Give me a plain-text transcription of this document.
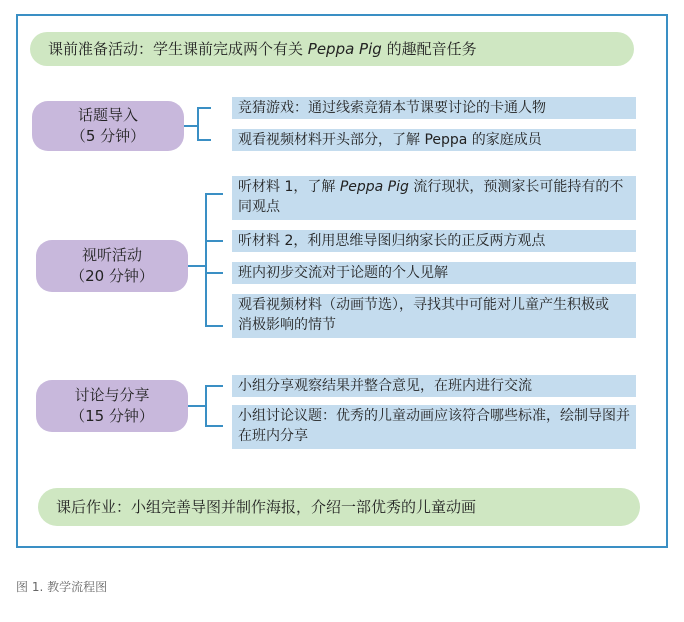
课前准备活动：学生课前完成两个有关 Peppa Pig 的趣配音任务
话题导入
（5 分钟）
竞猜游戏：通过线索竞猜本节课要讨论的卡通人物
观看视频材料开头部分，了解 Peppa 的家庭成员
视听活动
（20 分钟）
听材料 1，了解 Peppa Pig 流行现状，预测家长可能持有的不同观点
听材料 2，利用思维导图归纳家长的正反两方观点
班内初步交流对于论题的个人见解
观看视频材料（动画节选），寻找其中可能对儿童产生积极或消极影响的情节
讨论与分享
（15 分钟）
小组分享观察结果并整合意见，在班内进行交流
小组讨论议题：优秀的儿童动画应该符合哪些标准，绘制导图并在班内分享
课后作业：小组完善导图并制作海报，介绍一部优秀的儿童动画
图 1. 教学流程图
